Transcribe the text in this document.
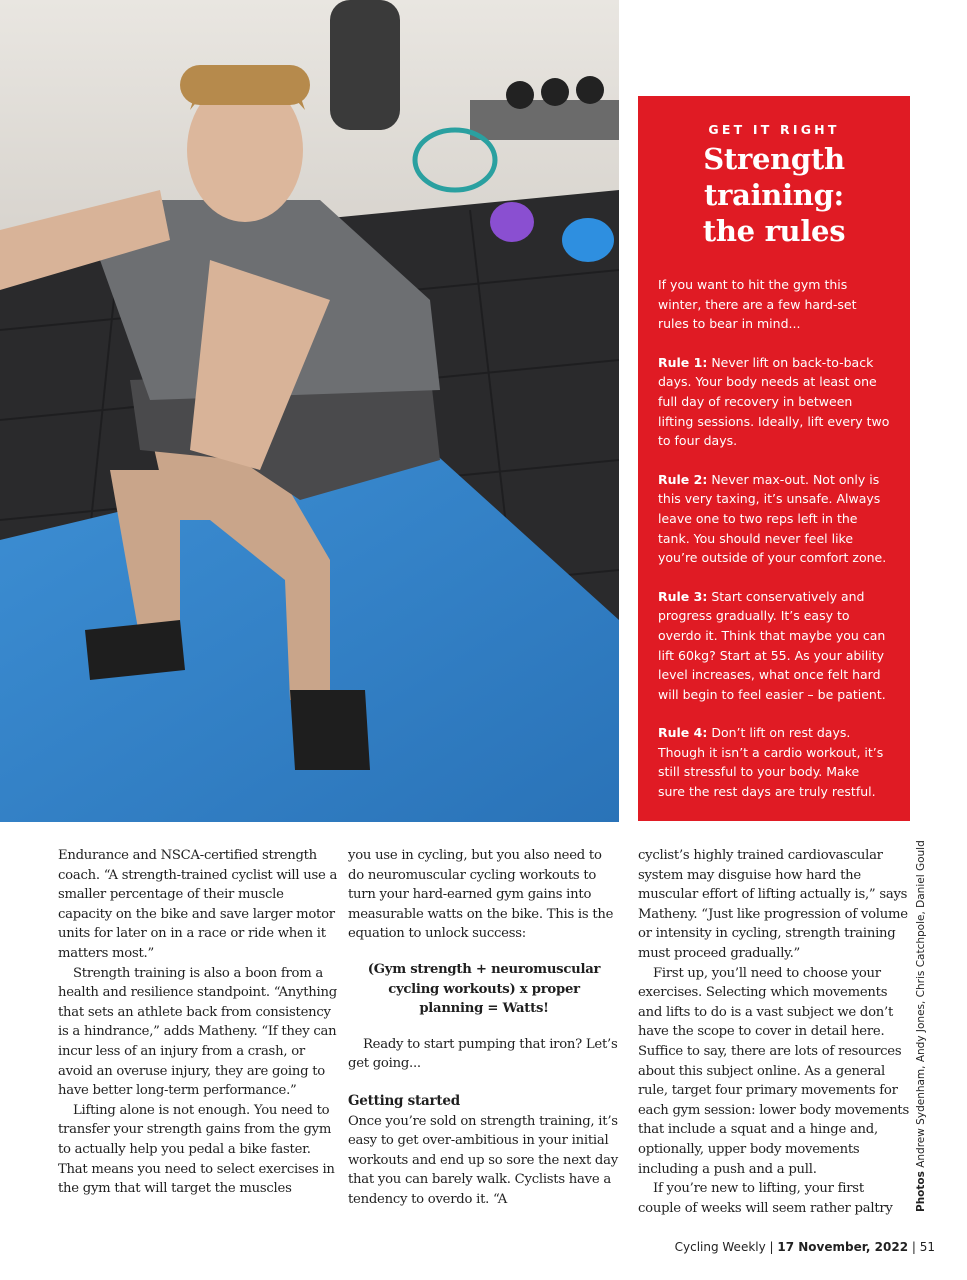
GET IT RIGHT

Strength
training:
the rules

If you want to hit the gym this winter, there are a few hard-set rules to bear in mind...

Rule 1: Never lift on back-to-back days. Your body needs at least one full day of recovery in between lifting sessions. Ideally, lift every two to four days.

Rule 2: Never max-out. Not only is this very taxing, it’s unsafe. Always leave one to two reps left in the tank. You should never feel like you’re outside of your comfort zone.

Rule 3: Start conservatively and progress gradually. It’s easy to overdo it. Think that maybe you can lift 60kg? Start at 55. As your ability level increases, what once felt hard will begin to feel easier – be patient.

Rule 4: Don’t lift on rest days. Though it isn’t a cardio workout, it’s still stressful to your body. Make sure the rest days are truly restful.

Endurance and NSCA-certified strength coach. “A strength-trained cyclist will use a smaller percentage of their muscle capacity on the bike and save larger motor units for later on in a race or ride when it matters most.”

Strength training is also a boon from a health and resilience standpoint. “Anything that sets an athlete back from consistency is a hindrance,” adds Matheny. “If they can incur less of an injury from a crash, or avoid an overuse injury, they are going to have better long-term performance.”

Lifting alone is not enough. You need to transfer your strength gains from the gym to actually help you pedal a bike faster. That means you need to select exercises in the gym that will target the muscles

you use in cycling, but you also need to do neuromuscular cycling workouts to turn your hard-earned gym gains into measurable watts on the bike. This is the equation to unlock success:

(Gym strength + neuromuscular cycling workouts) x proper planning = Watts!

Ready to start pumping that iron? Let’s get going...

Getting started

Once you’re sold on strength training, it’s easy to get over-ambitious in your initial workouts and end up so sore the next day that you can barely walk. Cyclists have a tendency to overdo it. “A

cyclist’s highly trained cardiovascular system may disguise how hard the muscular effort of lifting actually is,” says Matheny. “Just like progression of volume or intensity in cycling, strength training must proceed gradually.”

First up, you’ll need to choose your exercises. Selecting which movements and lifts to do is a vast subject we don’t have the scope to cover in detail here. Suffice to say, there are lots of resources about this subject online. As a general rule, target four primary movements for each gym session: lower body movements that include a squat and a hinge and, optionally, upper body movements including a push and a pull.

If you’re new to lifting, your first couple of weeks will seem rather paltry	Photos Andrew Sydenham, Andy Jones, Chris Catchpole, Daniel Gould
Cycling Weekly | 17 November, 2022 | 51
